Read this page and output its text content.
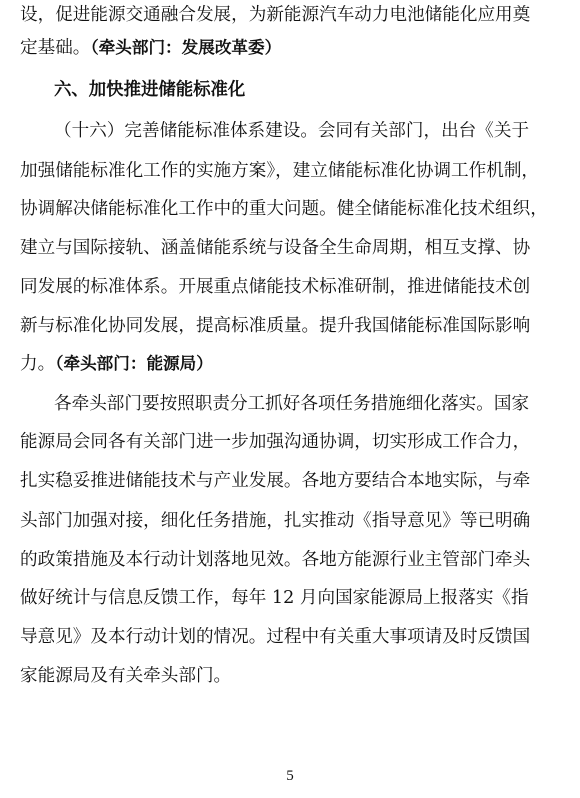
设，促进能源交通融合发展，为新能源汽车动力电池储能化应用奠
定基础。（牵头部门：发展改革委）
六、加快推进储能标准化
（十六）完善储能标准体系建设。会同有关部门，出台《关于
加强储能标准化工作的实施方案》，建立储能标准化协调工作机制，
协调解决储能标准化工作中的重大问题。健全储能标准化技术组织，
建立与国际接轨、涵盖储能系统与设备全生命周期，相互支撑、协
同发展的标准体系。开展重点储能技术标准研制，推进储能技术创
新与标准化协同发展，提高标准质量。提升我国储能标准国际影响
力。（牵头部门：能源局）
各牵头部门要按照职责分工抓好各项任务措施细化落实。国家
能源局会同各有关部门进一步加强沟通协调，切实形成工作合力，
扎实稳妥推进储能技术与产业发展。各地方要结合本地实际，与牵
头部门加强对接，细化任务措施，扎实推动《指导意见》等已明确
的政策措施及本行动计划落地见效。各地方能源行业主管部门牵头
做好统计与信息反馈工作，每年 12 月向国家能源局上报落实《指
导意见》及本行动计划的情况。过程中有关重大事项请及时反馈国
家能源局及有关牵头部门。
5
